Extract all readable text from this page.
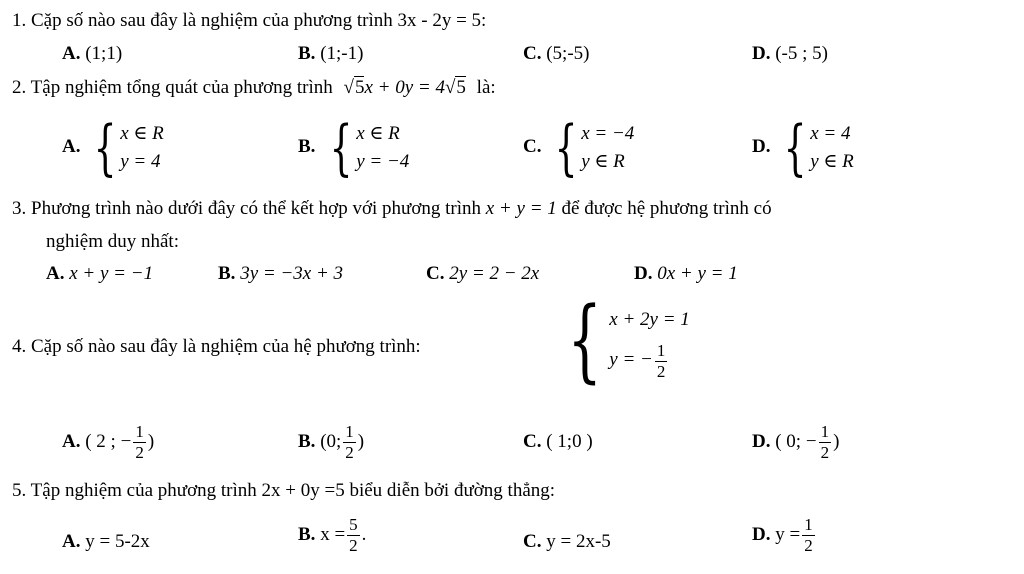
1. Cặp số nào sau đây là nghiệm của phương trình 3x - 2y = 5:
A. (1;1)	B. (1;-1)	C. (5;-5)	D. (-5 ; 5)
2. Tập nghiệm tổng quát của phương trình √5x + 0y = 4√5 là:
A. { x ∈ R
y = 4
B. { x ∈ R
y = −4
C. { x = −4
y ∈ R
D. { x = 4
y ∈ R
3. Phương trình nào dưới đây có thể kết hợp với phương trình x + y = 1 để được hệ phương trình có
nghiệm duy nhất:
A. x + y = −1	B. 3y = −3x + 3	C. 2y = 2 − 2x	D. 0x + y = 1
4. Cặp số nào sau đây là nghiệm của hệ phương trình: { x + 2y = 1
y = − $\frac{1}{2}$
A. ( 2 ; − $\frac{1}{2}$ )	B. (0; $\frac{1}{2}$ )	C. ( 1;0 )	D. ( 0; − $\frac{1}{2}$ )
5. Tập nghiệm của phương trình 2x + 0y =5 biểu diễn bởi đường thẳng:
A. y = 5-2x	B. $x = \frac{5}{2}$ .	C. y = 2x-5	D. $y = \frac{1}{2}$
